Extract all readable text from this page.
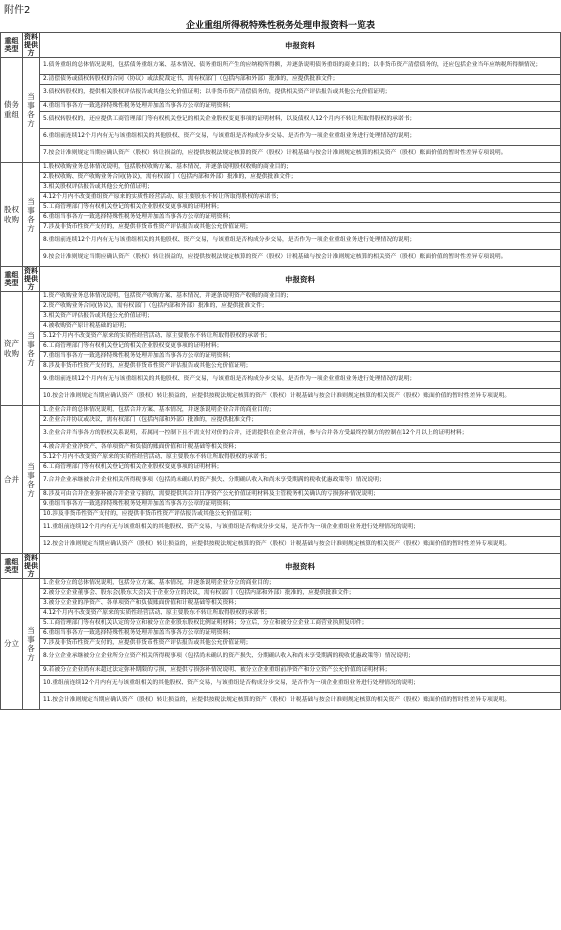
附件2
企业重组所得税特殊性税务处理申报资料一览表
重组类型	资料提供方	申报资料
债务重组	当事各方	1.债务重组的总体情况说明，包括债务重组方案、基本情况、债务重组所产生的应纳税所得额，并逐条说明债务重组的商业目的；以非货币资产清偿债务的，还应包括企业当年应纳税所得额情况；
		2.清偿债务或债权转股权的合同（协议）或法院裁定书，需有权部门（包括内部和外部）批准的，应提供批准文件；
		3.债权转股权的，提供相关股权评估报告或其他公允价值证明；以非货币资产清偿债务的，提供相关资产评估报告或其他公允价值证明；
		4.重组当事各方一致选择特殊性税务处理并加盖当事各方公章的证明资料；
		5.债权转股权的，还应提供工商管理部门等有权机关登记的相关企业股权变更事项的证明材料，以及债权人12个月内不转让所取得股权的承诺书；
		6.重组前连续12个月内有无与该重组相关的其他股权、资产交易，与该重组是否构成分步交易、是否作为一项企业重组业务进行处理情况的说明；
		7.按会计准则规定当期应确认资产（股权）转让损益的，应提供按税法规定核算的资产（股权）计税基础与按会计准则规定核算的相关资产（股权）账面价值的暂时性差异专项说明。
股权收购	当事各方	1.股权收购业务总体情况说明，包括股权收购方案、基本情况，并逐条说明股权收购的商业目的；
		2.股权收购、资产收购业务合同(协议)，需有权部门（包括内部和外部）批准的，应提供批准文件；
		3.相关股权评估报告或其他公允价值证明；
		4.12个月内不改变重组资产原来的实质性经营活动、原主要股东不转让所取得股权的承诺书；
		5.工商管理部门等有权机关登记的相关企业股权变更事项的证明材料；
		6.重组当事各方一致选择特殊性税务处理并加盖当事各方公章的证明资料；
		7.涉及非货币性资产支付的，应提供非货币性资产评估报告或其他公允价值证明；
		8.重组前连续12个月内有无与该重组相关的其他股权、资产交易，与该重组是否构成分步交易，是否作为一项企业重组业务进行处理情况的说明；
		9.按会计准则规定当期应确认资产（股权）转让损益的，应提供按税法规定核算的资产（股权）计税基础与按会计准则规定核算的相关资产（股权）账面价值的暂时性差异专项说明。
重组类型	资料提供方	申报资料
资产收购	当事各方	1.资产收购业务总体情况说明，包括资产收购方案、基本情况，并逐条说明资产收购的商业目的；
		2.资产收购业务合同(协议)，需有权部门（包括内部和外部）批准的，应提供批准文件；
		3.相关资产评估报告或其他公允价值证明；
		4.被收购资产原计税基础的证明；
		5.12个月内不改变资产原来的实质性经营活动、原主要股东不转让所取得股权的承诺书；
		6.工商管理部门等有权机关登记的相关企业股权变更事项的证明材料；
		7.重组当事各方一致选择特殊性税务处理并加盖当事各方公章的证明资料；
		8.涉及非货币性资产支付的，应提供非货币性资产评估报告或其他公允价值证明；
		9.重组前连续12个月内有无与该重组相关的其他股权、资产交易，与该重组是否构成分步交易，是否作为一项企业重组业务进行处理情况的说明；
		10.按会计准则规定当期应确认资产（股权）转让损益的，应提供按税法规定核算的资产（股权）计税基础与按会计准则规定核算的相关资产（股权）账面价值的暂时性差异专项说明。
合并	当事各方	1.企业合并的总体情况说明，包括合并方案、基本情况，并逐条说明企业合并的商业目的；
		2.企业合并协议或决议，需有权部门（包括内部和外部）批准的，应提供批准文件；
		3.企业合并当事各方的股权关系说明，若属同一控制下且不需支付对价的合并，还需提供在企业合并前，参与合并各方受最终控制方的控制在12个月以上的证明材料；
		4.被合并企业净资产、各单项资产和负债的账面价值和计税基础等相关资料；
		5.12个月内不改变资产原来的实质性经营活动、原主要股东不转让所取得股权的承诺书；
		6.工商管理部门等有权机关登记的相关企业股权变更事项的证明材料；
		7.合并企业承继被合并企业相关所得税事项（包括尚未确认的资产损失、分期确认收入和尚未享受期满的税收优惠政策等）情况说明；
		8.涉及可由合并企业弥补被合并企业亏损的，需要提供其合并日净资产公允价值证明材料及主管税务机关确认的亏损弥补情况说明；
		9.重组当事各方一致选择特殊性税务处理并加盖当事各方公章的证明资料；
		10.涉及非货币性资产支付的，应提供非货币性资产评估报告或其他公允价值证明；
		11.重组前连续12个月内有无与该重组相关的其他股权、资产交易，与该重组是否构成分步交易，是否作为一项企业重组业务进行处理情况的说明；
		12.按会计准则规定当期应确认资产（股权）转让损益的，应提供按税法规定核算的资产（股权）计税基础与按会计准则规定核算的相关资产（股权）账面价值的暂时性差异专项说明。
重组类型	资料提供方	申报资料
分立	当事各方	1.企业分立的总体情况说明，包括分立方案、基本情况，并逐条说明企业分立的商业目的；
		2.被分立企业董事会、股东会(股东大会)关于企业分立的决议，需有权部门（包括内部和外部）批准的，应提供批准文件；
		3.被分立企业的净资产、各单项资产和负债账面价值和计税基础等相关资料；
		4.12个月内不改变资产原来的实质性经营活动、原主要股东不转让所取得股权的承诺书；
		5.工商管理部门等有权机关认定的分立和被分立企业股东股权比例证明材料；分立后，分立和被分立企业工商营业执照复印件；
		6.重组当事各方一致选择特殊性税务处理并加盖当事各方公章的证明资料；
		7.涉及非货币性资产支付的，应提供非货币性资产评估报告或其他公允价值证明；
		8.分立企业承继被分立企业所分立资产相关所得税事项（包括尚未确认的资产损失、分期确认收入和尚未享受期满的税收优惠政策等）情况说明；
		9.若被分立企业尚有未超过法定弥补期限的亏损，应提供亏损弥补情况说明、被分立企业重组前净资产和分立资产公允价值的证明材料；
		10.重组前连续12个月内有无与该重组相关的其他股权、资产交易，与该重组是否构成分步交易，是否作为一项企业重组业务进行处理情况的说明；
		11.按会计准则规定当期应确认资产（股权）转让损益的，应提供按税法规定核算的资产（股权）计税基础与按会计准则规定核算的相关资产（股权）账面价值的暂时性差异专项说明。
